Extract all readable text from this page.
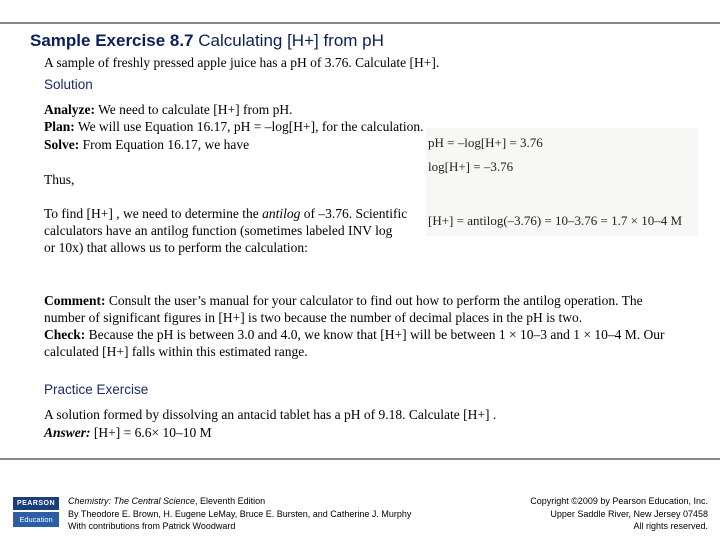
Sample Exercise 8.7 Calculating [H+] from pH
A sample of freshly pressed apple juice has a pH of 3.76. Calculate [H+].
Solution
Analyze: We need to calculate [H+] from pH.
Plan: We will use Equation 16.17, pH = –log[H+], for the calculation.
Solve: From Equation 16.17, we have	pH = –log[H+] = 3.76
log[H+] = –3.76
[H+] = antilog(–3.76) = 10–3.76 = 1.7 × 10–4 M
Thus,
To find [H+] , we need to determine the antilog of –3.76. Scientific
calculators have an antilog function (sometimes labeled INV log
or 10x) that allows us to perform the calculation:
Comment: Consult the user’s manual for your calculator to find out how to perform the antilog operation. The
number of significant figures in [H+] is two because the number of decimal places in the pH is two.
Check: Because the pH is between 3.0 and 4.0, we know that [H+] will be between 1 × 10–3 and 1 × 10–4 M. Our
calculated [H+] falls within this estimated range.
Practice Exercise
A solution formed by dissolving an antacid tablet has a pH of 9.18. Calculate [H+] .
Answer: [H+] = 6.6× 10–10 M
PEARSON
Education
Chemistry: The Central Science, Eleventh Edition
By Theodore E. Brown, H. Eugene LeMay, Bruce E. Bursten, and Catherine J. Murphy
With contributions from Patrick Woodward
Copyright ©2009 by Pearson Education, Inc.
Upper Saddle River, New Jersey 07458
All rights reserved.
